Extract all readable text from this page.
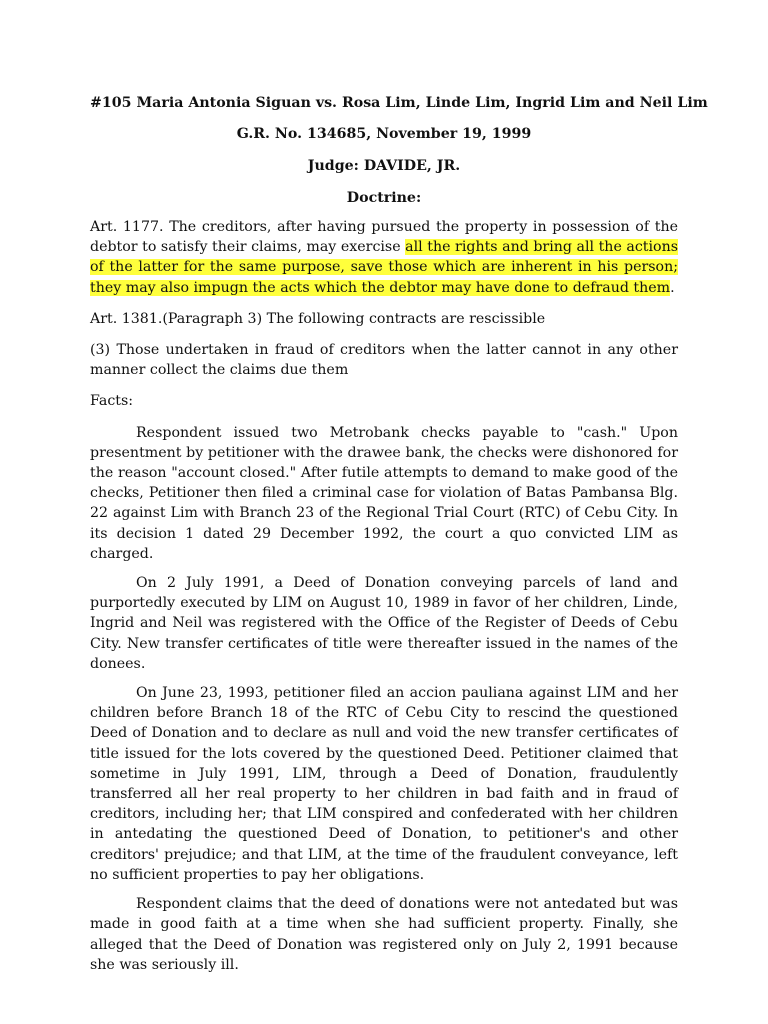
#105 Maria Antonia Siguan vs. Rosa Lim, Linde Lim, Ingrid Lim and Neil Lim
G.R. No. 134685, November 19, 1999
Judge: DAVIDE, JR.
Doctrine:

Art. 1177. The creditors, after having pursued the property in possession of the debtor to satisfy their claims, may exercise all the rights and bring all the actions of the latter for the same purpose, save those which are inherent in his person; they may also impugn the acts which the debtor may have done to defraud them.

Art. 1381.(Paragraph 3) The following contracts are rescissible

(3) Those undertaken in fraud of creditors when the latter cannot in any other manner collect the claims due them

Facts:

Respondent issued two Metrobank checks payable to "cash." Upon presentment by petitioner with the drawee bank, the checks were dishonored for the reason "account closed." After futile attempts to demand to make good of the checks, Petitioner then filed a criminal case for violation of Batas Pambansa Blg. 22 against Lim with Branch 23 of the Regional Trial Court (RTC) of Cebu City. In its decision 1 dated 29 December 1992, the court a quo convicted LIM as charged.

On 2 July 1991, a Deed of Donation conveying parcels of land and purportedly executed by LIM on August 10, 1989 in favor of her children, Linde, Ingrid and Neil was registered with the Office of the Register of Deeds of Cebu City. New transfer certificates of title were thereafter issued in the names of the donees.

On June 23, 1993, petitioner filed an accion pauliana against LIM and her children before Branch 18 of the RTC of Cebu City to rescind the questioned Deed of Donation and to declare as null and void the new transfer certificates of title issued for the lots covered by the questioned Deed. Petitioner claimed that sometime in July 1991, LIM, through a Deed of Donation, fraudulently transferred all her real property to her children in bad faith and in fraud of creditors, including her; that LIM conspired and confederated with her children in antedating the questioned Deed of Donation, to petitioner's and other creditors' prejudice; and that LIM, at the time of the fraudulent conveyance, left no sufficient properties to pay her obligations.

Respondent claims that the deed of donations were not antedated but was made in good faith at a time when she had sufficient property. Finally, she alleged that the Deed of Donation was registered only on July 2, 1991 because she was seriously ill.
